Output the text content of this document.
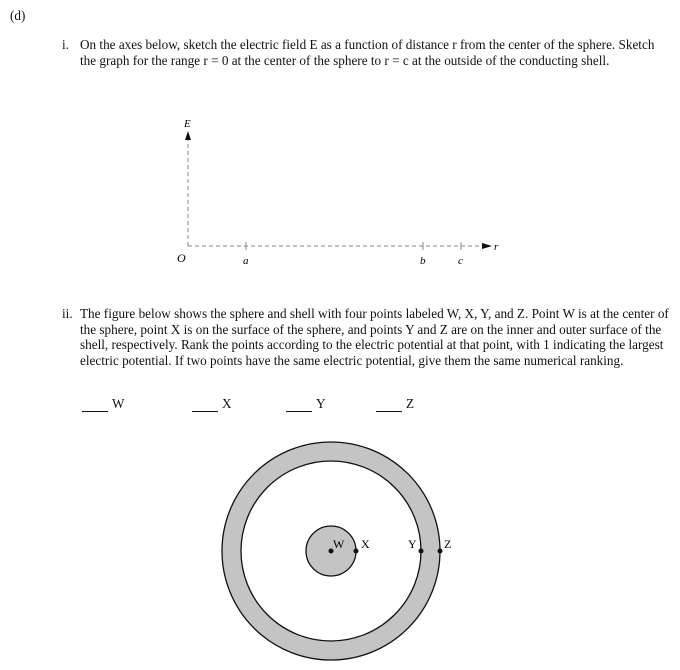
(d)
i. On the axes below, sketch the electric field E as a function of distance r from the center of the sphere. Sketch the graph for the range r = 0 at the center of the sphere to r = c at the outside of the conducting shell.
E
r
O	a	b	c
ii. The figure below shows the sphere and shell with four points labeled W, X, Y, and Z. Point W is at the center of the sphere, point X is on the surface of the sphere, and points Y and Z are on the inner and outer surface of the shell, respectively. Rank the points according to the electric potential at that point, with 1 indicating the largest electric potential. If two points have the same electric potential, give them the same numerical ranking.
W	X	Y	Z
W X	Y Z
